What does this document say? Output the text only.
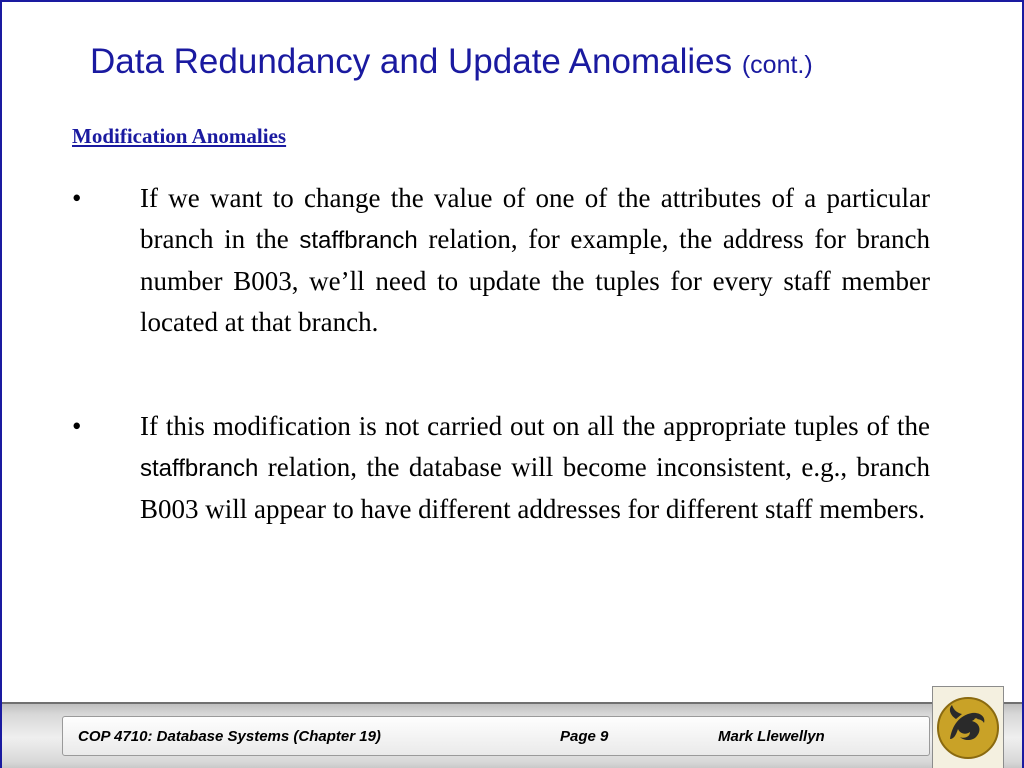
Data Redundancy and Update Anomalies (cont.)
Modification Anomalies
• If we want to change the value of one of the attributes of a particular branch in the staffbranch relation, for example, the address for branch number B003, we’ll need to update the tuples for every staff member located at that branch.
• If this modification is not carried out on all the appropriate tuples of the staffbranch relation, the database will become inconsistent, e.g., branch B003 will appear to have different addresses for different staff members.
COP 4710: Database Systems (Chapter 19)	Page 9	Mark Llewellyn
